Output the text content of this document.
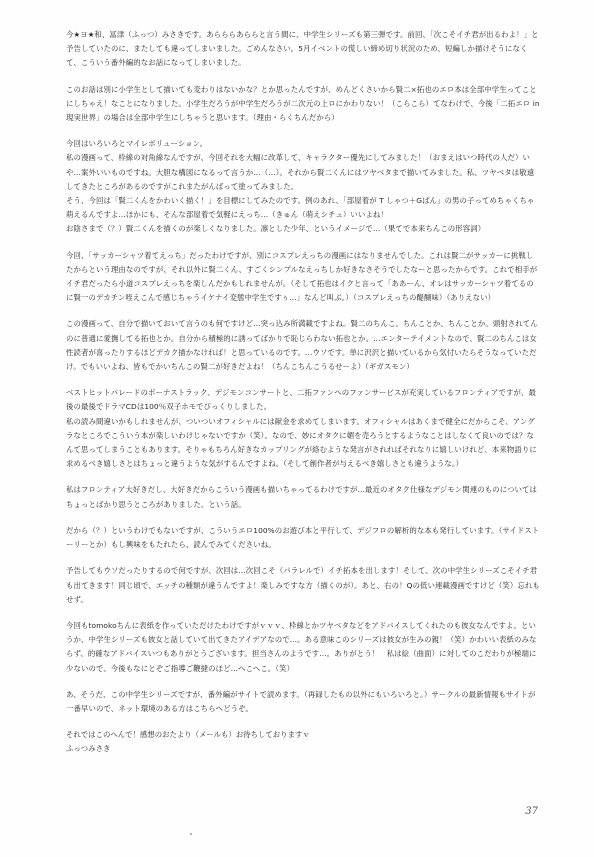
今★ヨ★和、冨津（ふっつ）みさきです。あらららあららと言う間に、中学生シリーズも第三弾です。前回、「次こそイチ君が出るわよ！」と予告していたのに、またしても違ってしまいました。ごめんなさい。5月イベントの慌しい締め切り状況のため、短編しか描けそうになくて、こういう番外編的なお話になってしまいました。

このお話は別に小学生として描いても変わりはないかな？とか思ったんですが、めんどくさいから賢二×拓也のエロ本は全部中学生ってことにしちゃえ！なことになりました。小学生だろうが中学生だろうが二次元の上ロにかわりない！（こらこら）てなわけで、今後「二拓エロ in 現実世界」の場合は全部中学生にしちゃうと思います。（理由・らくちんだから）

今回はいろいろとマイレボリューション。
私の漫画って、枠線の対角線なんですが、今回それを大幅に改革して、キャラクター優先にしてみました！（おまえはいつ時代の人だ）いや…案外いいものですね。大胆な構図になるって言うか…（…）。それから賢二くんにはツヤベタまで描いてみました。私、ツヤベタは敬遠してきたところがあるのですがこれまたがんばって塗ってみました。
そう、今回は「賢二くんをかわいく描く！」を目標にしてみたのです。例のあれ、「部屋着が T しゃつ＋Gぱん」の男の子ってめちゃくちゃ萌えるんですよ…ほかにも、そんな部屋着で気軽にえっち…（きゅん（萌えシチュ）いいよね！
お陰さまで（？）賢二くんを描くのが楽しくなりました。凛とした少年、というイメージで…（果てで本来ちんこの形容詞）

今回、「サッカーシャツ着てえっち」だったわけですが、別にコスプレえっちの漫画にはなりませんでした。これは賢二がサッカーに挑戦したからという理由なのですが、それ以外に賢二くん、すごくシンプルなえっちしか好きなさそうでしたなーと思ったからです。これで相手がイチ君だったら小道コスプレえっちを楽しんだかもしれませんが。（そして拓也はイクと言って「ああーん、オレはサッカーシャツ着てるのに賢一のデカチン咥えこんで感じちゃうイケナイ変態中学生ですぅ…」なんど叫ぶ。）（コスプレえっちの醍醐味）（ありえない）

この漫画って、自分で描いておいて言うのも何ですけど…突っ込み所満載ですよね。賢二のちんこ。ちんことか、ちんことか。頭射されてんのに普通に愛撫してる拓也とか。自分から積極的に誘ってばかりで恥じらわない拓也とか。…エンターテイメントなので、賢二のちんこは女性読者が喜ったりするほどデカク描かなければ！と思っているのです。…ウソです。単に沢沢と描いているから気付いたらそうなっていただけ。でもいいよね、皆もでかいちんこの賢二が好きだよね！（ちんこちんこうるせーよ）（ギガスモン）

ベストヒットパレードのボーナストラック、デジモンコンサートと、二拓ファンへのファンサービスが充実しているフロンティアですが、最後の最後でドラマCDは100％双子ホモでびっくりしました。
私の読み間違いかもしれませんが、ついついオフィシャルには献金を求めてしまいます。オフィシャルはあくまで健全にだからこそ、アングラなところでこういう本が楽しいわけじゃないですか（笑）。なので、妙にオタクに媚を売ろうとするようなことはしなくて良いのでは？なんて思ってしまうこともあります。そりゃもちろん好きなカップリングが絡むような発言がされればそれなりに嬉しいけれど、本来物語りに求めるべき嬉しさとはちょっと違うような気がするんですよね。（そして創作者が与えるべき嬉しさとも違うような。）

私はフロンティア大好きだし、大好きだからこういう漫画も描いちゃってるわけですが…最近のオタク仕様なデジモン関連のものについてはちょっとばかり思うところがありました。という話。

だから（？）というわけでもないですが、こういうエロ100%のお遊び本と平行して、デジフロの解析的な本も発行しています。（サイドストーリーとか）もし興味をもたれたら、読んでみてくださいね。

予告してもウソだったりするので何ですが、次回は…次回こそ（パラレルで）イチ拓本を出します！そして、次の中学生シリーズこそイチ君も出てきます！同じ頃で、エッチの種類が違うんですよ！楽しみですな方（描くのが）。あと、右の！Qの低い連載漫画ですけど（笑）忘れもせず。

今回もtomokoちんに表紙を作っていただけたわけですがｖｖｖ、枠線とかツヤベタなどをアドバイスしてくれたのも彼女なんですよ。というか、中学生シリーズも彼女と話していて出てきたアイデアなので…。ある意味このシリーズは彼女が生みの親！（笑）かわいい表紙のみならず、的確なアドバイスいつもありがとうございます。担当さんのようです…。ありがとう！　私は絵（曲面）に対してのこだわりが極端に少ないので、今後もなにとぞご指導ご鞭撻のほど…へこへこ。（笑）

あ、そうだ、この中学生シリーズですが、番外編がサイトで読めます。（再録したもの以外にもいろいろと。）サークルの最新情報もサイトが一番早いので、ネット環境のある方はこちらへどうぞ。

それではこのへんで！感想のおたより（メールも）お待ちしておりますｖ

ふっつみさき

37
